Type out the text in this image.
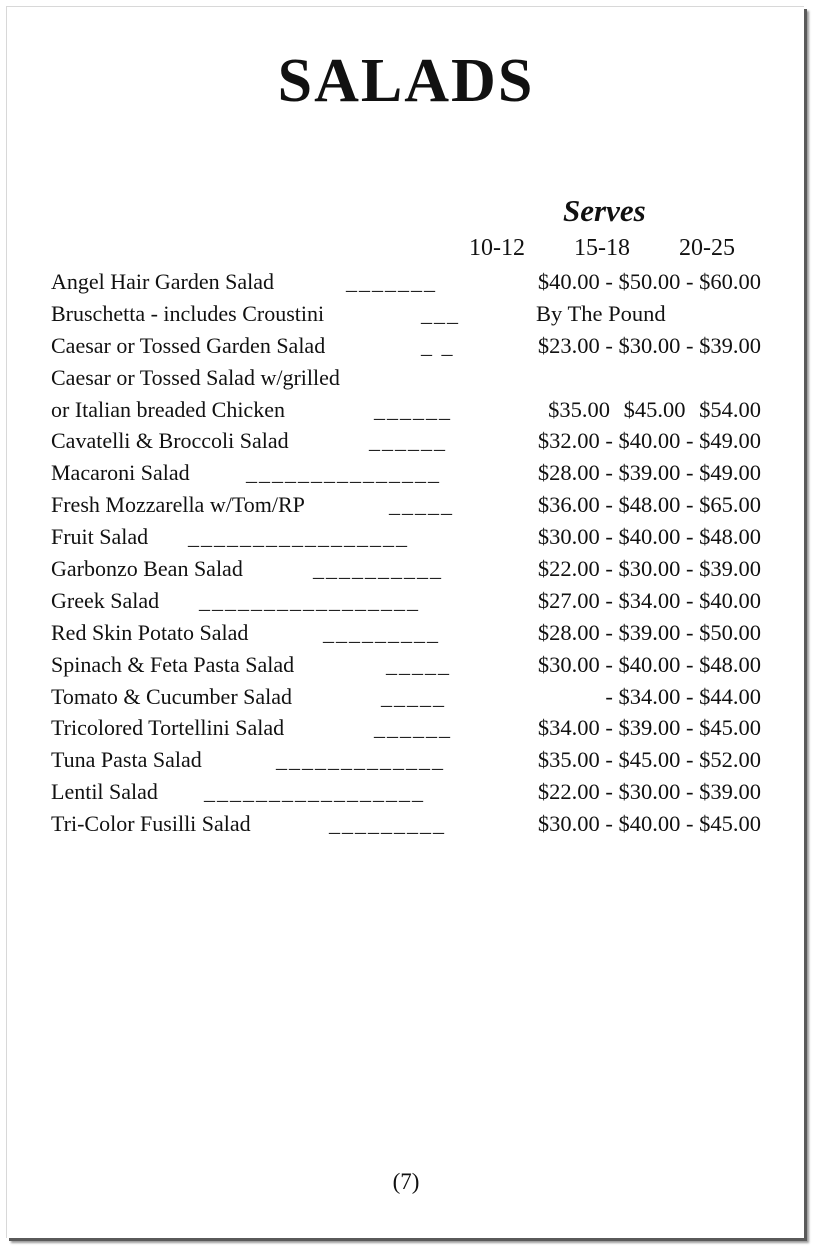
SALADS
Serves
10-12 15-18 20-25
Angel Hair Garden Salad	_______	$40.00 - $50.00 - $60.00
Bruschetta - includes Croustini	___	By The Pound
Caesar or Tossed Garden Salad	_ _	$23.00 - $30.00 - $39.00
Caesar or Tossed Salad w/grilled
or Italian breaded Chicken	______	$35.00 $45.00 $54.00
Cavatelli & Broccoli Salad	______	$32.00 - $40.00 - $49.00
Macaroni Salad	_______________	$28.00 - $39.00 - $49.00
Fresh Mozzarella w/Tom/RP	_____	$36.00 - $48.00 - $65.00
Fruit Salad _________________	$30.00 - $40.00 - $48.00
Garbonzo Bean Salad	__________	$22.00 - $30.00 - $39.00
Greek Salad _________________	$27.00 - $34.00 - $40.00
Red Skin Potato Salad	_________	$28.00 - $39.00 - $50.00
Spinach & Feta Pasta Salad	_____	$30.00 - $40.00 - $48.00
Tomato & Cucumber Salad	_____	- $34.00 - $44.00
Tricolored Tortellini Salad	______	$34.00 - $39.00 - $45.00
Tuna Pasta Salad	_____________	$35.00 - $45.00 - $52.00
Lentil Salad _________________	$22.00 - $30.00 - $39.00
Tri-Color Fusilli Salad	_________	$30.00 - $40.00 - $45.00
(7)
